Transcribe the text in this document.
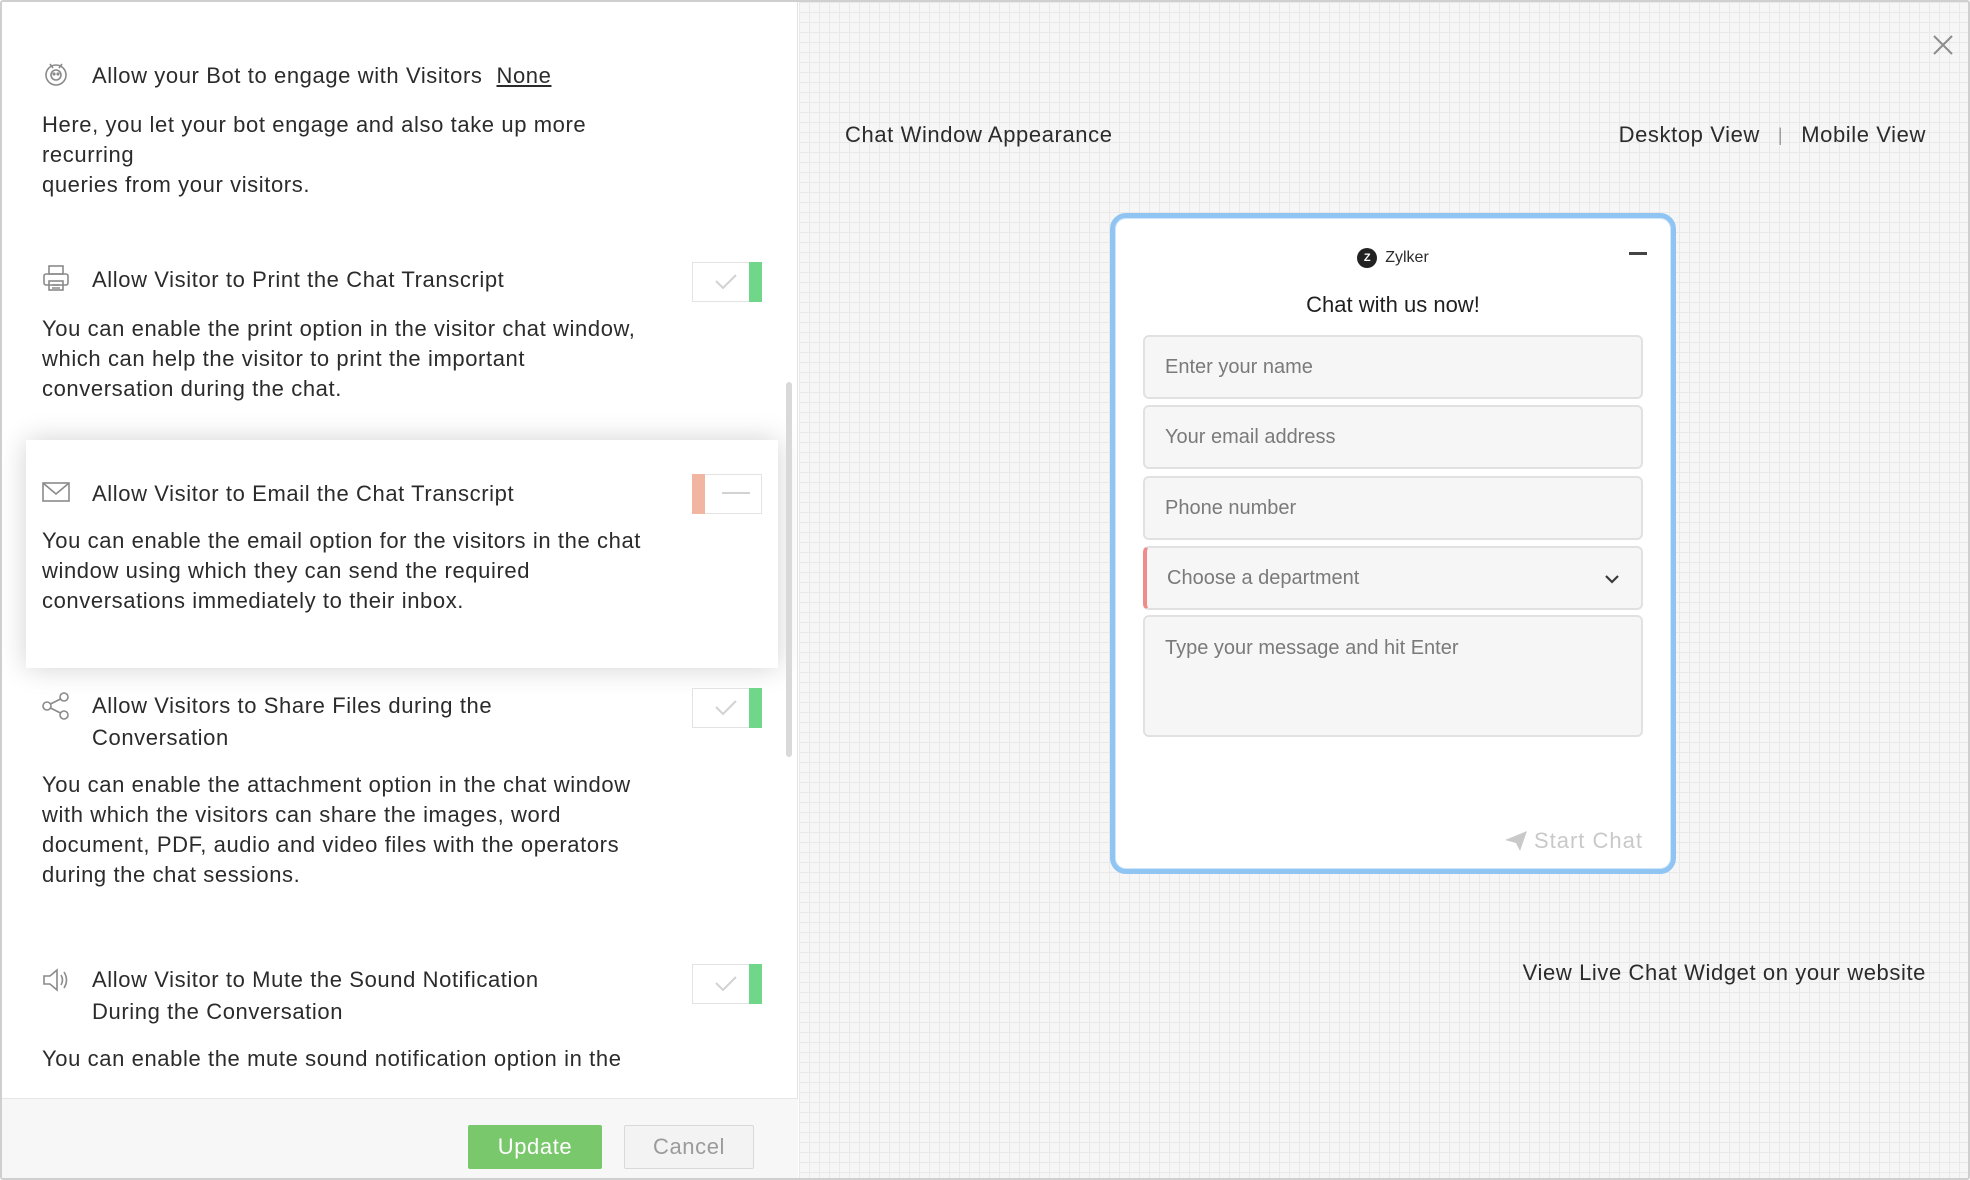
Allow your Bot to engage with Visitors None
Here, you let your bot engage and also take up more recurring
queries from your visitors.
Allow Visitor to Print the Chat Transcript
You can enable the print option in the visitor chat window,
which can help the visitor to print the important
conversation during the chat.
Allow Visitor to Email the Chat Transcript
You can enable the email option for the visitors in the chat
window using which they can send the required
conversations immediately to their inbox.
Allow Visitors to Share Files during the
Conversation
You can enable the attachment option in the chat window
with which the visitors can share the images, word
document, PDF, audio and video files with the operators
during the chat sessions.
Allow Visitor to Mute the Sound Notification
During the Conversation
You can enable the mute sound notification option in the
Update	Cancel
Chat Window Appearance	Desktop View | Mobile View
Z Zylker
Chat with us now!
Enter your name
Your email address
Phone number
Choose a department
Type your message and hit Enter
Start Chat
View Live Chat Widget on your website
